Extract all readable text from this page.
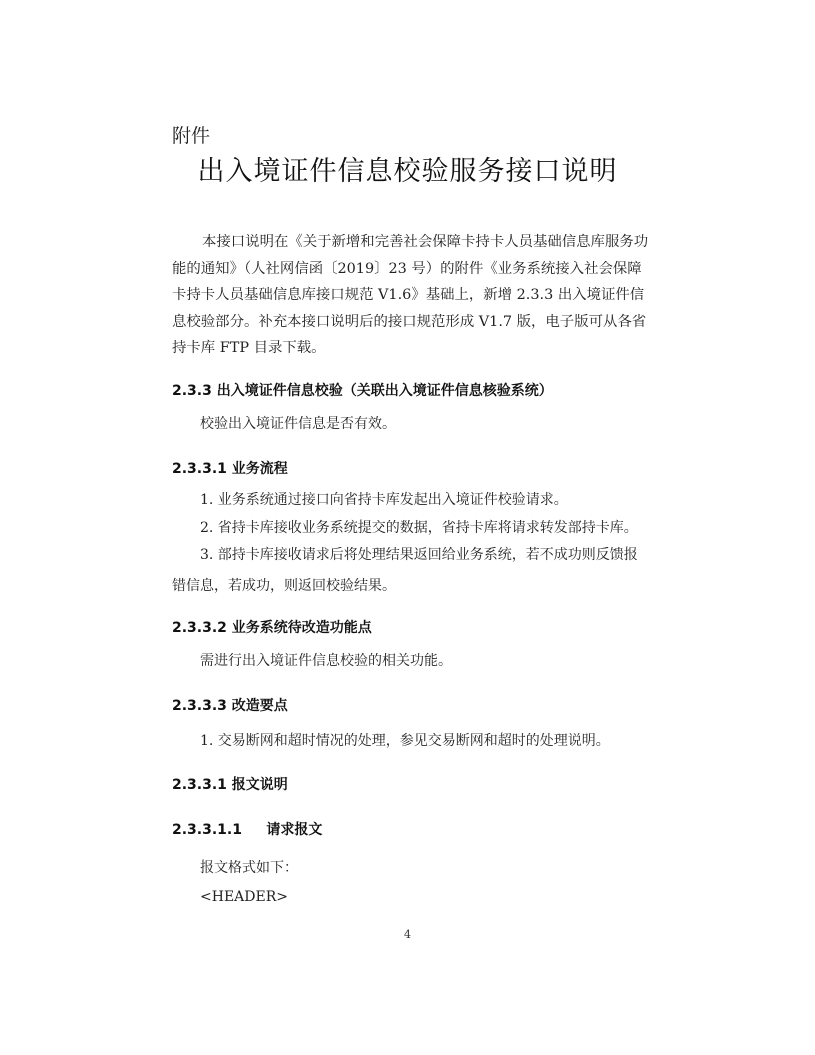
附件
出入境证件信息校验服务接口说明

本接口说明在《关于新增和完善社会保障卡持卡人员基础信息库服务功能的通知》（人社网信函〔2019〕23 号）的附件《业务系统接入社会保障卡持卡人员基础信息库接口规范 V1.6》基础上，新增 2.3.3 出入境证件信息校验部分。补充本接口说明后的接口规范形成 V1.7 版，电子版可从各省持卡库 FTP 目录下载。

2.3.3 出入境证件信息校验（关联出入境证件信息核验系统）
校验出入境证件信息是否有效。
2.3.3.1 业务流程
1. 业务系统通过接口向省持卡库发起出入境证件校验请求。
2. 省持卡库接收业务系统提交的数据，省持卡库将请求转发部持卡库。

3. 部持卡库接收请求后将处理结果返回给业务系统，若不成功则反馈报错信息，若成功，则返回校验结果。

2.3.3.2 业务系统待改造功能点
需进行出入境证件信息校验的相关功能。
2.3.3.3 改造要点
1. 交易断网和超时情况的处理，参见交易断网和超时的处理说明。
2.3.3.1 报文说明
2.3.3.1.1     请求报文
报文格式如下：
<HEADER>
4
